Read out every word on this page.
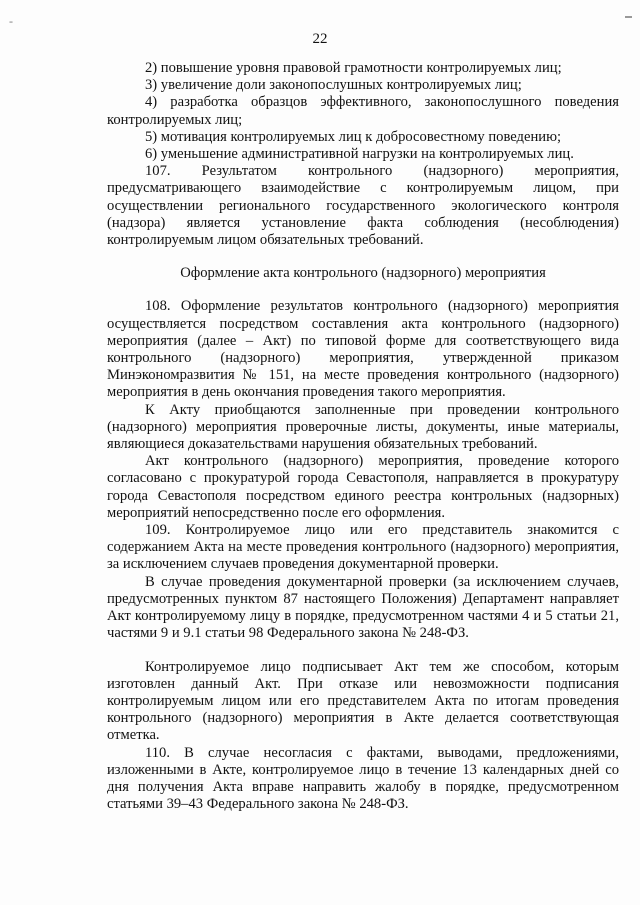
-
22

2) повышение уровня правовой грамотности контролируемых лиц;

3) увеличение доли законопослушных контролируемых лиц;

4) разработка образцов эффективного, законопослушного поведения контролируемых лиц;

5) мотивация контролируемых лиц к добросовестному поведению;

6) уменьшение административной нагрузки на контролируемых лиц.

107. Результатом контрольного (надзорного) мероприятия, предусматривающего взаимодействие с контролируемым лицом, при осуществлении регионального государственного экологического контроля (надзора) является установление факта соблюдения (несоблюдения) контролируемым лицом обязательных требований.

Оформление акта контрольного (надзорного) мероприятия

108. Оформление результатов контрольного (надзорного) мероприятия осуществляется посредством составления акта контрольного (надзорного) мероприятия (далее – Акт) по типовой форме для соответствующего вида контрольного (надзорного) мероприятия, утвержденной приказом Минэкономразвития № 151, на месте проведения контрольного (надзорного) мероприятия в день окончания проведения такого мероприятия.

К Акту приобщаются заполненные при проведении контрольного (надзорного) мероприятия проверочные листы, документы, иные материалы, являющиеся доказательствами нарушения обязательных требований.

Акт контрольного (надзорного) мероприятия, проведение которого согласовано с прокуратурой города Севастополя, направляется в прокуратуру города Севастополя посредством единого реестра контрольных (надзорных) мероприятий непосредственно после его оформления.

109. Контролируемое лицо или его представитель знакомится с содержанием Акта на месте проведения контрольного (надзорного) мероприятия, за исключением случаев проведения документарной проверки.

В случае проведения документарной проверки (за исключением случаев, предусмотренных пунктом 87 настоящего Положения) Департамент направляет Акт контролируемому лицу в порядке, предусмотренном частями 4 и 5 статьи 21, частями 9 и 9.1 статьи 98 Федерального закона № 248-ФЗ.

Контролируемое лицо подписывает Акт тем же способом, которым изготовлен данный Акт. При отказе или невозможности подписания контролируемым лицом или его представителем Акта по итогам проведения контрольного (надзорного) мероприятия в Акте делается соответствующая отметка.

110. В случае несогласия с фактами, выводами, предложениями, изложенными в Акте, контролируемое лицо в течение 13 календарных дней со дня получения Акта вправе направить жалобу в порядке, предусмотренном статьями 39–43 Федерального закона № 248-ФЗ.
